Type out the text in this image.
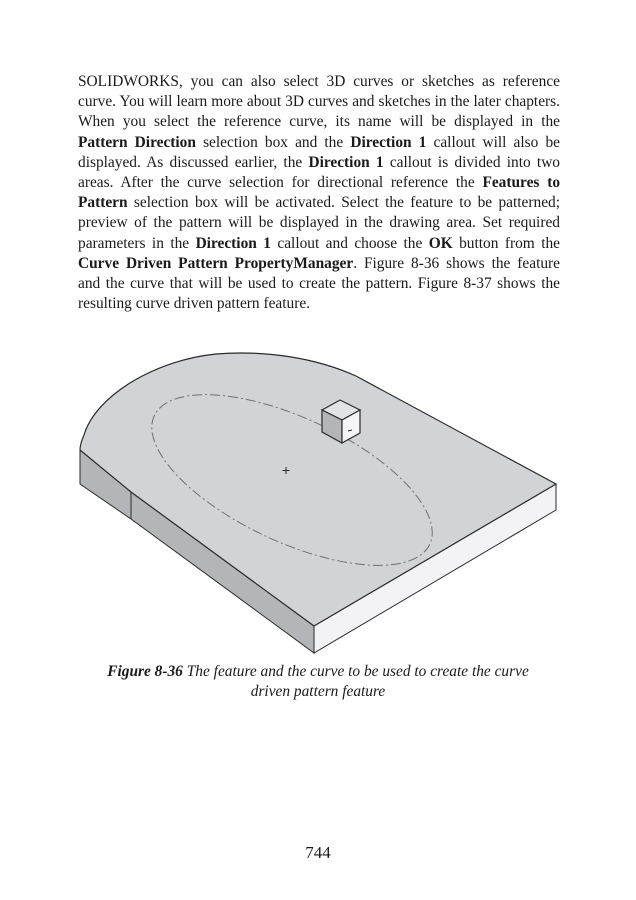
SOLIDWORKS, you can also select 3D curves or sketches as reference curve. You will learn more about 3D curves and sketches in the later chapters. When you select the reference curve, its name will be displayed in the Pattern Direction selection box and the Direction 1 callout will also be displayed. As discussed earlier, the Direction 1 callout is divided into two areas. After the curve selection for directional reference the Features to Pattern selection box will be activated. Select the feature to be patterned; preview of the pattern will be displayed in the drawing area. Set required parameters in the Direction 1 callout and choose the OK button from the Curve Driven Pattern PropertyManager. Figure 8-36 shows the feature and the curve that will be used to create the pattern. Figure 8-37 shows the resulting curve driven pattern feature.
Figure 8-36 The feature and the curve to be used to create the curve driven pattern feature
744
